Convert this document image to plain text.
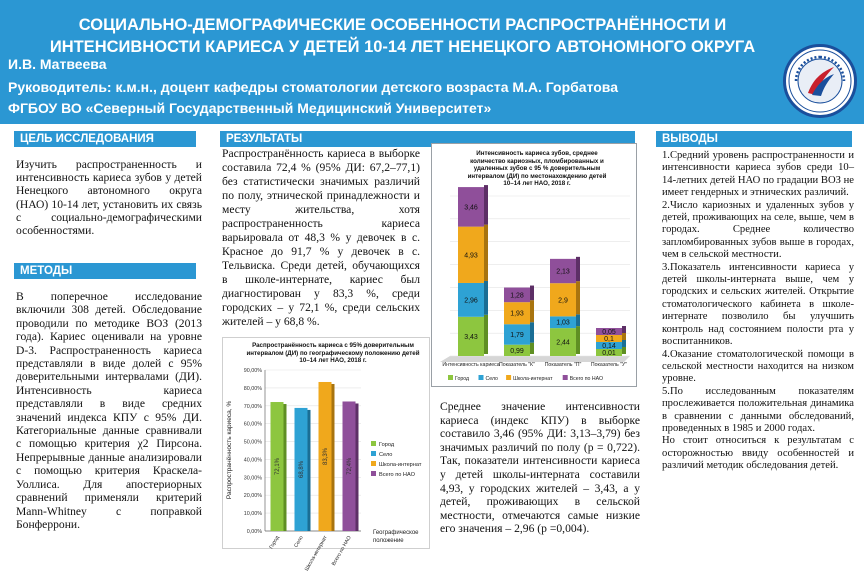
СОЦИАЛЬНО-ДЕМОГРАФИЧЕСКИЕ ОСОБЕННОСТИ РАСПРОСТРАНЁННОСТИ И
ИНТЕНСИВНОСТИ КАРИЕСА У ДЕТЕЙ 10-14 ЛЕТ НЕНЕЦКОГО АВТОНОМНОГО ОКРУГА
И.В. Матвеева
Руководитель: к.м.н., доцент кафедры стоматологии детского возраста М.А. Горбатова
ФГБОУ ВО «Северный Государственный Медицинский Университет»
ЦЕЛЬ ИССЛЕДОВАНИЯ
Изучить распространенность и интенсивность кариеса зубов у детей Ненецкого автономного округа (НАО) 10-14 лет, установить их связь с социально-демографическими особенностями.
МЕТОДЫ
В поперечное исследование включили 308 детей. Обследование проводили по методике ВОЗ (2013 года). Кариес оценивали на уровне D-3. Распространенность кариеса представляли в виде долей с 95% доверительными интервалами (ДИ). Интенсивность кариеса представляли в виде средних значений индекса КПУ с 95% ДИ. Категориальные данные сравнивали с помощью критерия χ2 Пирсона. Непрерывные данные анализировали с помощью критерия Краскела-Уоллиса. Для апостериорных сравнений применяли критерий Mann-Whitney с поправкой Бонферрони.
РЕЗУЛЬТАТЫ
Распространённость кариеса в выборке составила 72,4 % (95% ДИ: 67,2–77,1) без статистически значимых различий по полу, этнической принадлежности и месту жительства, хотя распространенность кариеса варьировала от 48,3 % у девочек в с. Красное до 91,7 % у девочек в с. Тельвиска. Среди детей, обучающихся в школе-интернате, кариес был диагностирован у 83,3 %, среди городских – у 72,1 %, среди сельских жителей – у 68,8 %.
Распространённость кариеса с 95% доверительным интервалом (ДИ) по географическому положению детей 10–14 лет НАО, 2018 г.
Распространённость кариеса, %
0,00%
10,00%
20,00%
30,00%
40,00%
50,00%
60,00%
70,00%
80,00%
90,00%
72,1%
Город
68,8%
Село
83,3%
Школа-интернат
72,4%
Всего по НАО
Город
Село
Школа-интернат
Всего по НАО
Географическое
положение
Интенсивность кариеса зубов, среднее количество кариозных, пломбированных и удаленных зубов с 95 % доверительным интервалом (ДИ) по местонахождению детей 10–14 лет НАО, 2018 г.
3,43
2,96
4,93
3,46
Интенсивность кариеса
0,99
1,79
1,93
1,28
Показатель "К"
2,44
1,03
2,9
2,13
Показатель "П"
0,01
0,14
0,1
0,05
Показатель "У"
Город	Село	Школа-интернат	Всего по НАО
Среднее значение интенсивности кариеса (индекс КПУ) в выборке составило 3,46 (95% ДИ: 3,13–3,79) без значимых различий по полу (p = 0,722). Так, показатели интенсивности кариеса у детей школы-интерната составили 4,93, у городских жителей – 3,43, а у детей, проживающих в сельской местности, отмечаются самые низкие его значения – 2,96 (p =0,004).
ВЫВОДЫ
1.Средний уровень распространенности и интенсивности кариеса зубов среди 10–14-летних детей НАО по градации ВОЗ не имеет гендерных и этнических различий.
2.Число кариозных и удаленных зубов у детей, проживающих на селе, выше, чем в городах. Среднее количество запломбированных зубов выше в городах, чем в сельской местности.
3.Показатель интенсивности кариеса у детей школы-интерната выше, чем у городских и сельских жителей. Открытие стоматологического кабинета в школе-интернате позволило бы улучшить контроль над состоянием полости рта у воспитанников.
4.Оказание стоматологической помощи в сельской местности находится на низком уровне.
5.По исследованным показателям прослеживается положительная динамика в сравнении с данными обследований, проведенных в 1985 и 2000 годах.
Но стоит относиться к результатам с осторожностью ввиду особенностей и различий методик обследования детей.
